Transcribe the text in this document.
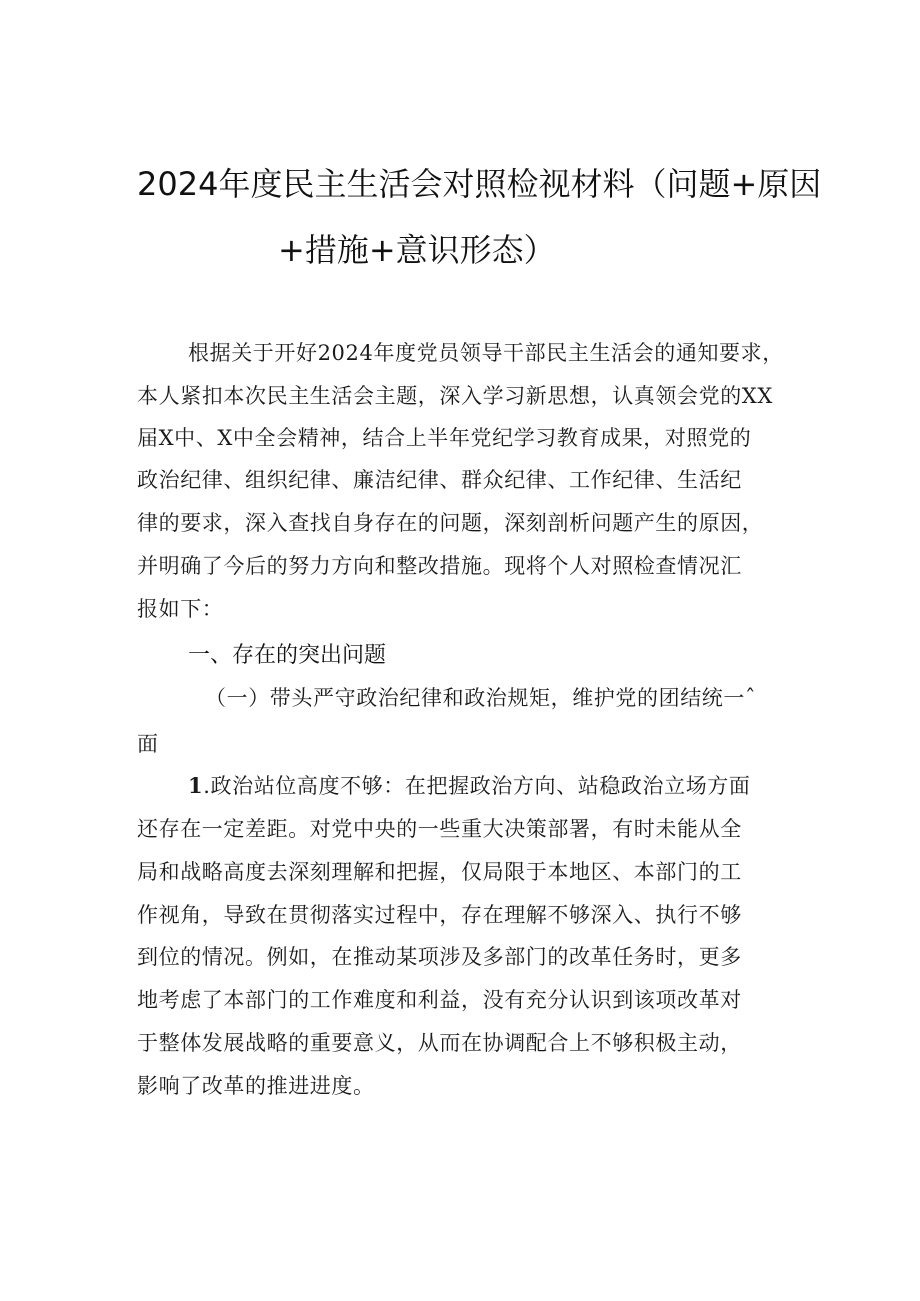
2024年度民主生活会对照检视材料（问题+原因
+措施+意识形态）
根据关于开好2024年度党员领导干部民主生活会的通知要求，
本人紧扣本次民主生活会主题，深入学习新思想，认真领会党的XX
届X中、X中全会精神，结合上半年党纪学习教育成果，对照党的
政治纪律、组织纪律、廉洁纪律、群众纪律、工作纪律、生活纪
律的要求，深入查找自身存在的问题，深刻剖析问题产生的原因，
并明确了今后的努力方向和整改措施。现将个人对照检查情况汇
报如下：
一、存在的突出问题
（一）带头严守政治纪律和政治规矩，维护党的团结统一ˆ
面
1.政治站位高度不够：在把握政治方向、站稳政治立场方面
还存在一定差距。对党中央的一些重大决策部署，有时未能从全
局和战略高度去深刻理解和把握，仅局限于本地区、本部门的工
作视角，导致在贯彻落实过程中，存在理解不够深入、执行不够
到位的情况。例如，在推动某项涉及多部门的改革任务时，更多
地考虑了本部门的工作难度和利益，没有充分认识到该项改革对
于整体发展战略的重要意义，从而在协调配合上不够积极主动，
影响了改革的推进进度。
